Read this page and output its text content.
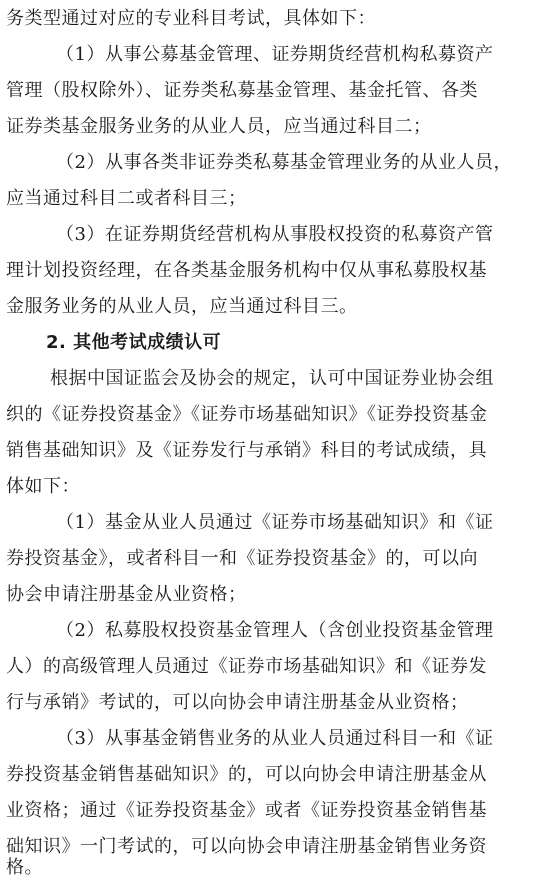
务类型通过对应的专业科目考试，具体如下：
（1）从事公募基金管理、证券期货经营机构私募资产
管理（股权除外）、证券类私募基金管理、基金托管、各类
证券类基金服务业务的从业人员，应当通过科目二；
（2）从事各类非证券类私募基金管理业务的从业人员，
应当通过科目二或者科目三；
（3）在证券期货经营机构从事股权投资的私募资产管
理计划投资经理，在各类基金服务机构中仅从事私募股权基
金服务业务的从业人员，应当通过科目三。
2. 其他考试成绩认可
根据中国证监会及协会的规定，认可中国证券业协会组
织的《证券投资基金》《证券市场基础知识》《证券投资基金
销售基础知识》及《证券发行与承销》科目的考试成绩，具
体如下：
（1）基金从业人员通过《证券市场基础知识》和《证
券投资基金》，或者科目一和《证券投资基金》的，可以向
协会申请注册基金从业资格；
（2）私募股权投资基金管理人（含创业投资基金管理
人）的高级管理人员通过《证券市场基础知识》和《证券发
行与承销》考试的，可以向协会申请注册基金从业资格；
（3）从事基金销售业务的从业人员通过科目一和《证
券投资基金销售基础知识》的，可以向协会申请注册基金从
业资格；通过《证券投资基金》或者《证券投资基金销售基
础知识》一门考试的，可以向协会申请注册基金销售业务资
格。
